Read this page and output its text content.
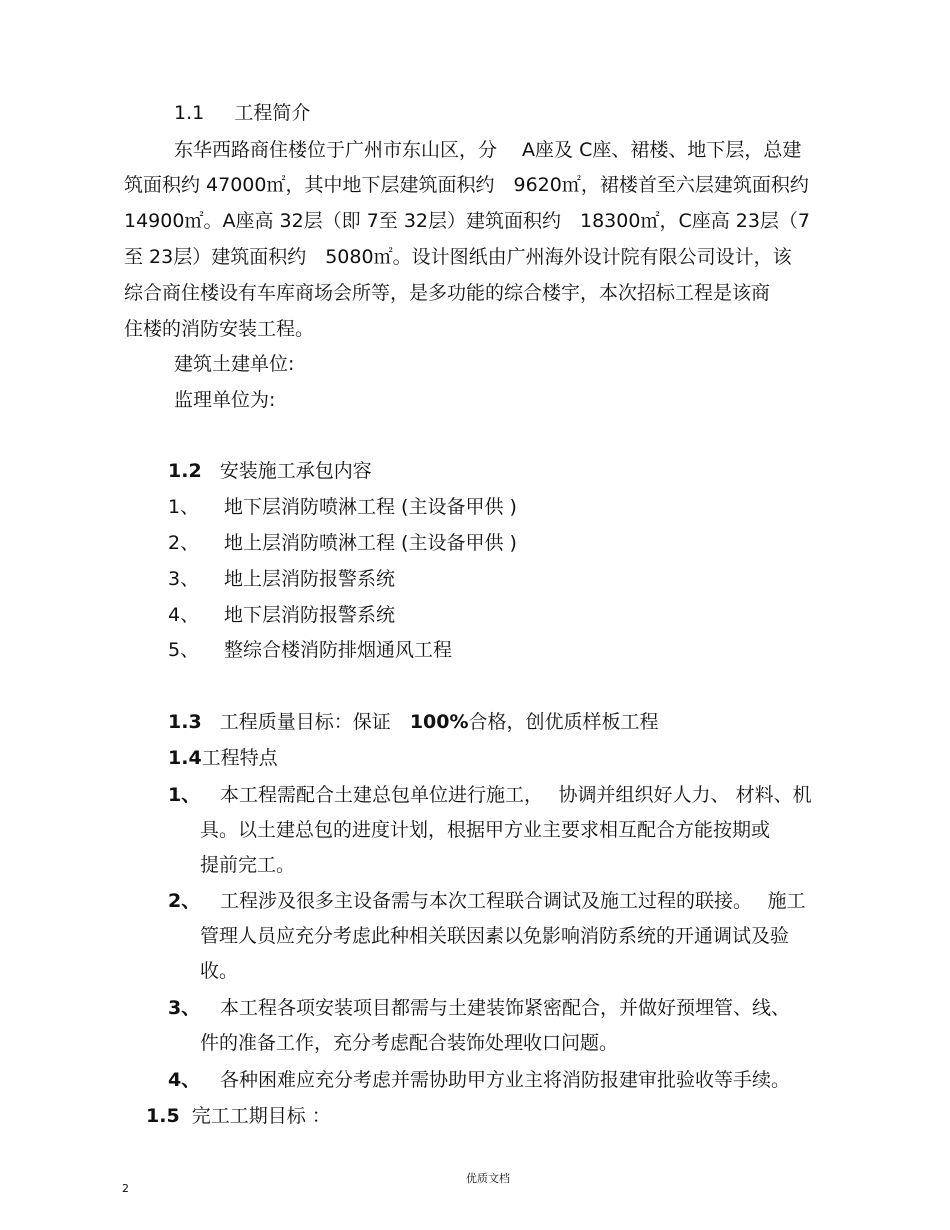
1.1 工程简介
东华西路商住楼位于广州市东山区，分　 A座及 C座、裙楼、地下层，总建
筑面积约 47000㎡，其中地下层建筑面积约　9620㎡，裙楼首至六层建筑面积约
14900㎡。A座高 32层（即 7至 32层）建筑面积约　18300㎡，C座高 23层（7
至 23层）建筑面积约　5080㎡。设计图纸由广州海外设计院有限公司设计，该
综合商住楼设有车库商场会所等，是多功能的综合楼宇，本次招标工程是该商
住楼的消防安装工程。
建筑土建单位:
监理单位为:
1.2 安装施工承包内容
1、 地下层消防喷淋工程 (主设备甲供 )
2、 地上层消防喷淋工程 (主设备甲供 )
3、 地上层消防报警系统
4、 地下层消防报警系统
5、 整综合楼消防排烟通风工程
1.3 工程质量目标：保证　100%合格，创优质样板工程
1.4工程特点
1、 本工程需配合土建总包单位进行施工，　 协调并组织好人力、 材料、机
具。以土建总包的进度计划，根据甲方业主要求相互配合方能按期或
提前完工。
2、 工程涉及很多主设备需与本次工程联合调试及施工过程的联接。　 施工
管理人员应充分考虑此种相关联因素以免影响消防系统的开通调试及验
收。
3、 本工程各项安装项目都需与土建装饰紧密配合，并做好预埋管、线、
件的准备工作，充分考虑配合装饰处理收口问题。
4、 各种困难应充分考虑并需协助甲方业主将消防报建审批验收等手续。
1.5 完工工期目标 ：
2
优质文档
